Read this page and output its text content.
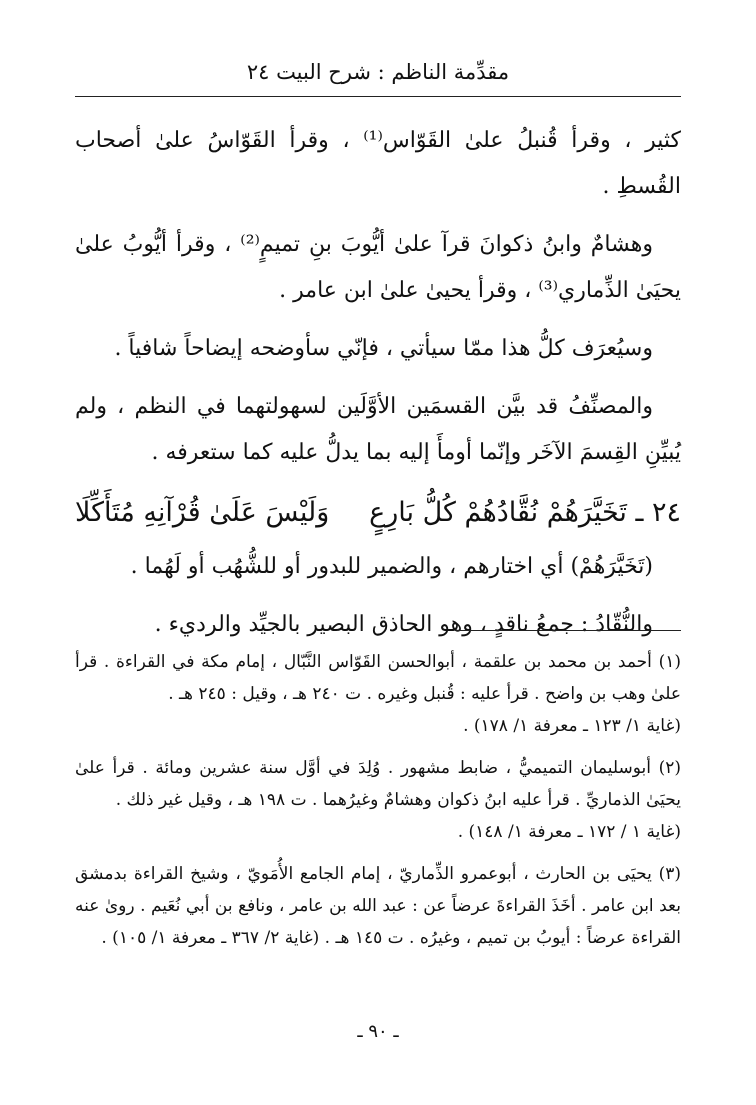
مقدِّمة الناظم : شرح البيت ٢٤

كثير ، وقرأ قُنبلُ علىٰ القَوّاس⁽¹⁾ ، وقرأ القَوّاسُ علىٰ أصحاب القُسطِ .

وهشامٌ وابنُ ذكوانَ قرآ علىٰ أيُّوبَ بنِ تميمٍ⁽²⁾ ، وقرأ أيُّوبُ علىٰ يحيَىٰ الذِّماري⁽³⁾ ، وقرأ يحيىٰ علىٰ ابن عامر .

وسيُعرَف كلُّ هذا ممّا سيأتي ، فإنّي سأوضحه إيضاحاً شافياً .

والمصنِّفُ قد بيَّن القسمَين الأوَّلَين لسهولتهما في النظم ، ولم يُبيِّنِ القِسمَ الآخَر وإنّما أومأَ إليه بما يدلُّ عليه كما ستعرفه .

٢٤ ـ تَخَيَّرَهُمْ نُقَّادُهُمْ كُلُّ بَارِعٍ
وَلَيْسَ عَلَىٰ قُرْآنِهِ مُتَأَكِّلَا

(تَخَيَّرَهُمْ) أي اختارهم ، والضمير للبدور أو للشُّهُب أو لَهُما .

والنُّقّادُ : جمعُ ناقدٍ ، وهو الحاذق البصير بالجيِّد والرديء .

(١) أحمد بن محمد بن علقمة ، أبوالحسن القَوّاس النَّبّال ، إمام مكة في القراءة . قرأ علىٰ وهب بن واضح . قرأ عليه : قُنبل وغيره . ت ٢٤٠ هـ ، وقيل : ٢٤٥ هـ .
(غاية ١/ ١٢٣ ـ معرفة ١/ ١٧٨) .
(٢) أبوسليمان التميميُّ ، ضابط مشهور . وُلِدَ في أوَّل سنة عشرين ومائة . قرأ علىٰ يحيَىٰ الذماريِّ . قرأ عليه ابنُ ذكوان وهشامٌ وغيرُهما . ت ١٩٨ هـ ، وقيل غير ذلك .
(غاية ١ / ١٧٢ ـ معرفة ١/ ١٤٨) .
(٣) يحيَى بن الحارث ، أبوعمرو الذِّماريّ ، إمام الجامع الأُمَويّ ، وشيخ القراءة بدمشق بعد ابن عامر . أخَذَ القراءةَ عرضاً عن : عبد الله بن عامر ، ونافع بن أبي نُعَيم . روىٰ عنه القراءة عرضاً : أيوبُ بن تميم ، وغيرُه . ت ١٤٥ هـ . (غاية ٢/ ٣٦٧ ـ معرفة ١/ ١٠٥) .
ـ ٩٠ ـ
